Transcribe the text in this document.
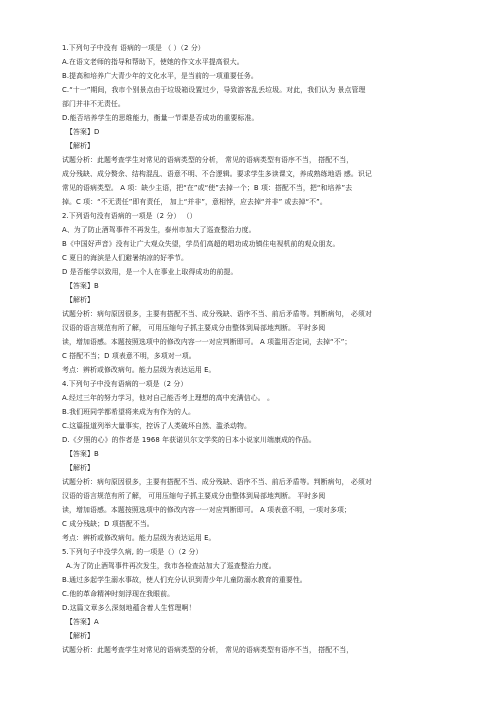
1.下列句子中没有 语病的一项是 （ ）（2 分）
A.在语文老师的指导和帮助下，使她的作文水平提高很大。
B.提高和培养广大青少年的文化水平，是当前的一项重要任务。
C.“十一”期间，我市个别景点由于垃圾箱设置过少，导致游客乱丢垃圾。对此，我们认为 景点管理
部门并非不无责任。
D.能否培养学生的思维能力，衡量一节课是否成功的重要标准。
【答案】D
【解析】
试题分析：此题考查学生对常见的语病类型的分析， 常见的语病类型有语序不当， 搭配不当，
成分残缺、成分赘余、结构混乱、语意不明、不合逻辑。要求学生多读课文，养成熟练地语 感。识记
常见的语病类型。 A 项：缺少主语，把“在”或“使”去掉一个；B 项：搭配不当，把“和培养”去
掉。C 项：“不无责任”即有责任， 加上“并非”，意相悖，应去掉“并非” 或去掉“不”。
2.下列语句没有语病的一项是（2 分） （）
A、为了防止酒驾事件不再发生，泰州市加大了巡查整治力度。
B《中国好声音》没有让广大观众失望，学员们高超的唱功成功镇住电视机前的观众朋友。
C 夏日的海滨是人们避暑纳凉的好季节。
D 是否能学以致用，是一个人在事业上取得成功的前提。
【答案】B
【解析】
试题分析：病句原因很多，主要有搭配不当、成分残缺、语序不当、前后矛盾等。判断病句， 必须对
汉语的语言规范有所了解， 可用压缩句子抓主要成分由整体到局部地判断。 平时多阅
读，增加语感。本题按照选项中的修改内容一一对应判断即可。 A 项滥用否定词，去掉“不”；
C 搭配不当；D 项表意不明，多项对一项。
考点：辨析或修改病句。能力层级为表达运用 E。
4.下列句子中没有语病的一项是（2 分）
A.经过三年的努力学习，他对自己能否考上理想的高中充满信心。 。
B.我们班同学都希望将来成为有作为的人。
C.这篇报道列举大量事实，控诉了人类破坏自然、滥杀动物。
D.《夕照的心》的作者是 1968 年获诺贝尔文学奖的日本小说家川端康成的作品。
【答案】B
【解析】
试题分析：病句原因很多，主要有搭配不当、成分残缺、语序不当、前后矛盾等。判断病句， 必须对
汉语的语言规范有所了解， 可用压缩句子抓主要成分由整体到局部地判断。 平时多阅
读，增加语感。本题按照选项中的修改内容一一对应判断即可。 A 项表意不明，一项对多项；
C 成分残缺；D 项搭配不当。
考点：辨析或修改病句。能力层级为表达运用 E。
5.下列句子中没学久病, 的一项是（）（2 分）
A.为了防止酒驾事件再次发生，我市各检查站加大了巡查整治力度。
B.通过多起学生溺水事故，使人们充分认识到青少年儿童防溺水教育的重要性。
C.他的革命精神时刻浮现在我眼前。
D.这篇文章多么深刻地蕴含着人生哲理啊！
【答案】A
【解析】
试题分析：此题考查学生对常见的语病类型的分析， 常见的语病类型有语序不当， 搭配不当，
